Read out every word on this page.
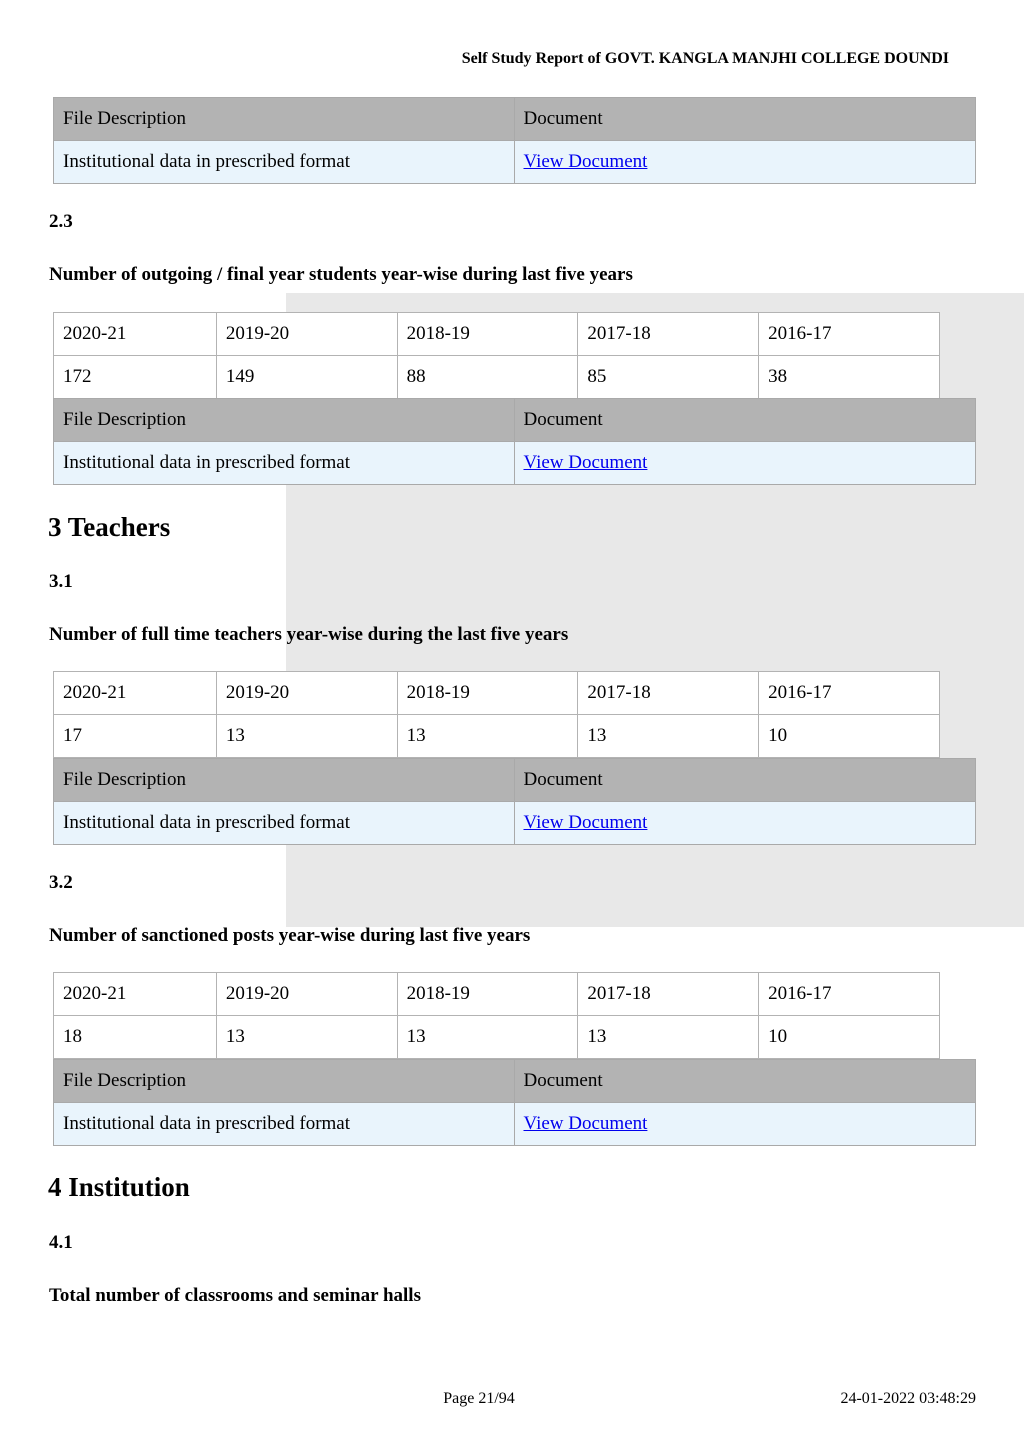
Self Study Report of GOVT. KANGLA MANJHI COLLEGE DOUNDI
File Description	Document
Institutional data in prescribed format	View Document
2.3
Number of outgoing / final year students year-wise during last five years
2020-21	2019-20	2018-19	2017-18	2016-17
172	149	88	85	38
File Description	Document
Institutional data in prescribed format	View Document
3 Teachers
3.1
Number of full time teachers year-wise during the last five years
2020-21	2019-20	2018-19	2017-18	2016-17
17	13	13	13	10
File Description	Document
Institutional data in prescribed format	View Document
3.2
Number of sanctioned posts year-wise during last five years
2020-21	2019-20	2018-19	2017-18	2016-17
18	13	13	13	10
File Description	Document
Institutional data in prescribed format	View Document
4 Institution
4.1
Total number of classrooms and seminar halls
Page 21/94	24-01-2022 03:48:29
